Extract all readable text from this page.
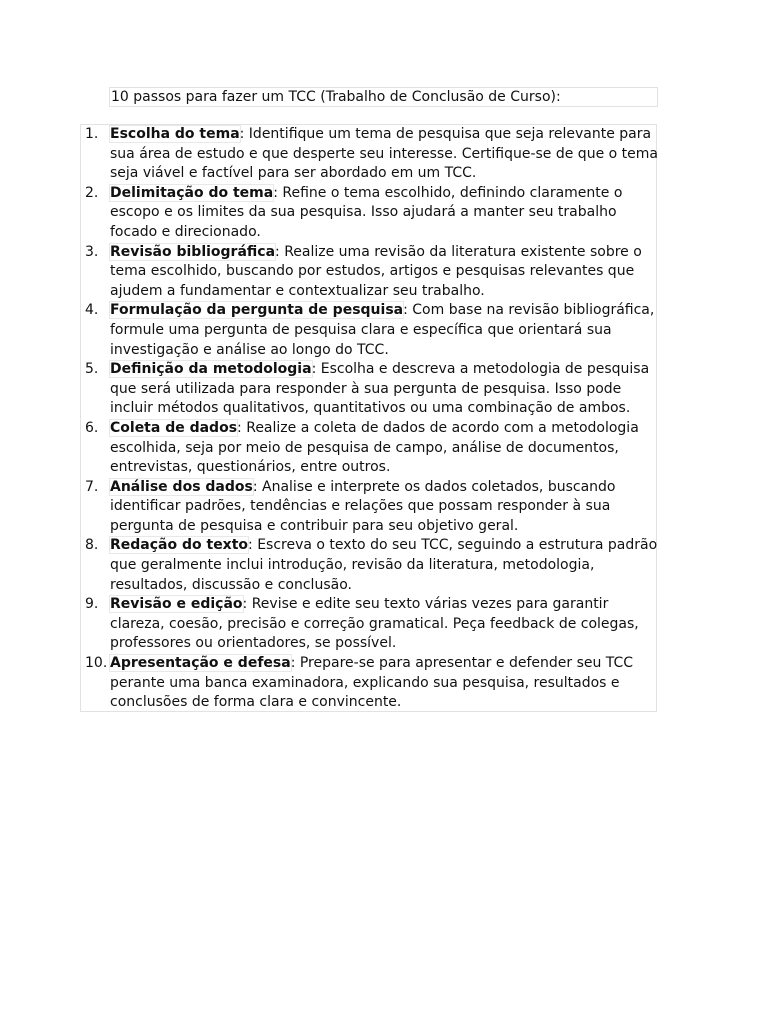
10 passos para fazer um TCC (Trabalho de Conclusão de Curso):
1. Escolha do tema: Identifique um tema de pesquisa que seja relevante para sua área de estudo e que desperte seu interesse. Certifique-se de que o tema seja viável e factível para ser abordado em um TCC.
2. Delimitação do tema: Refine o tema escolhido, definindo claramente o escopo e os limites da sua pesquisa. Isso ajudará a manter seu trabalho focado e direcionado.
3. Revisão bibliográfica: Realize uma revisão da literatura existente sobre o tema escolhido, buscando por estudos, artigos e pesquisas relevantes que ajudem a fundamentar e contextualizar seu trabalho.
4. Formulação da pergunta de pesquisa: Com base na revisão bibliográfica, formule uma pergunta de pesquisa clara e específica que orientará sua investigação e análise ao longo do TCC.
5. Definição da metodologia: Escolha e descreva a metodologia de pesquisa que será utilizada para responder à sua pergunta de pesquisa. Isso pode incluir métodos qualitativos, quantitativos ou uma combinação de ambos.
6. Coleta de dados: Realize a coleta de dados de acordo com a metodologia escolhida, seja por meio de pesquisa de campo, análise de documentos, entrevistas, questionários, entre outros.
7. Análise dos dados: Analise e interprete os dados coletados, buscando identificar padrões, tendências e relações que possam responder à sua pergunta de pesquisa e contribuir para seu objetivo geral.
8. Redação do texto: Escreva o texto do seu TCC, seguindo a estrutura padrão que geralmente inclui introdução, revisão da literatura, metodologia, resultados, discussão e conclusão.
9. Revisão e edição: Revise e edite seu texto várias vezes para garantir clareza, coesão, precisão e correção gramatical. Peça feedback de colegas, professores ou orientadores, se possível.
10. Apresentação e defesa: Prepare-se para apresentar e defender seu TCC perante uma banca examinadora, explicando sua pesquisa, resultados e conclusões de forma clara e convincente.
